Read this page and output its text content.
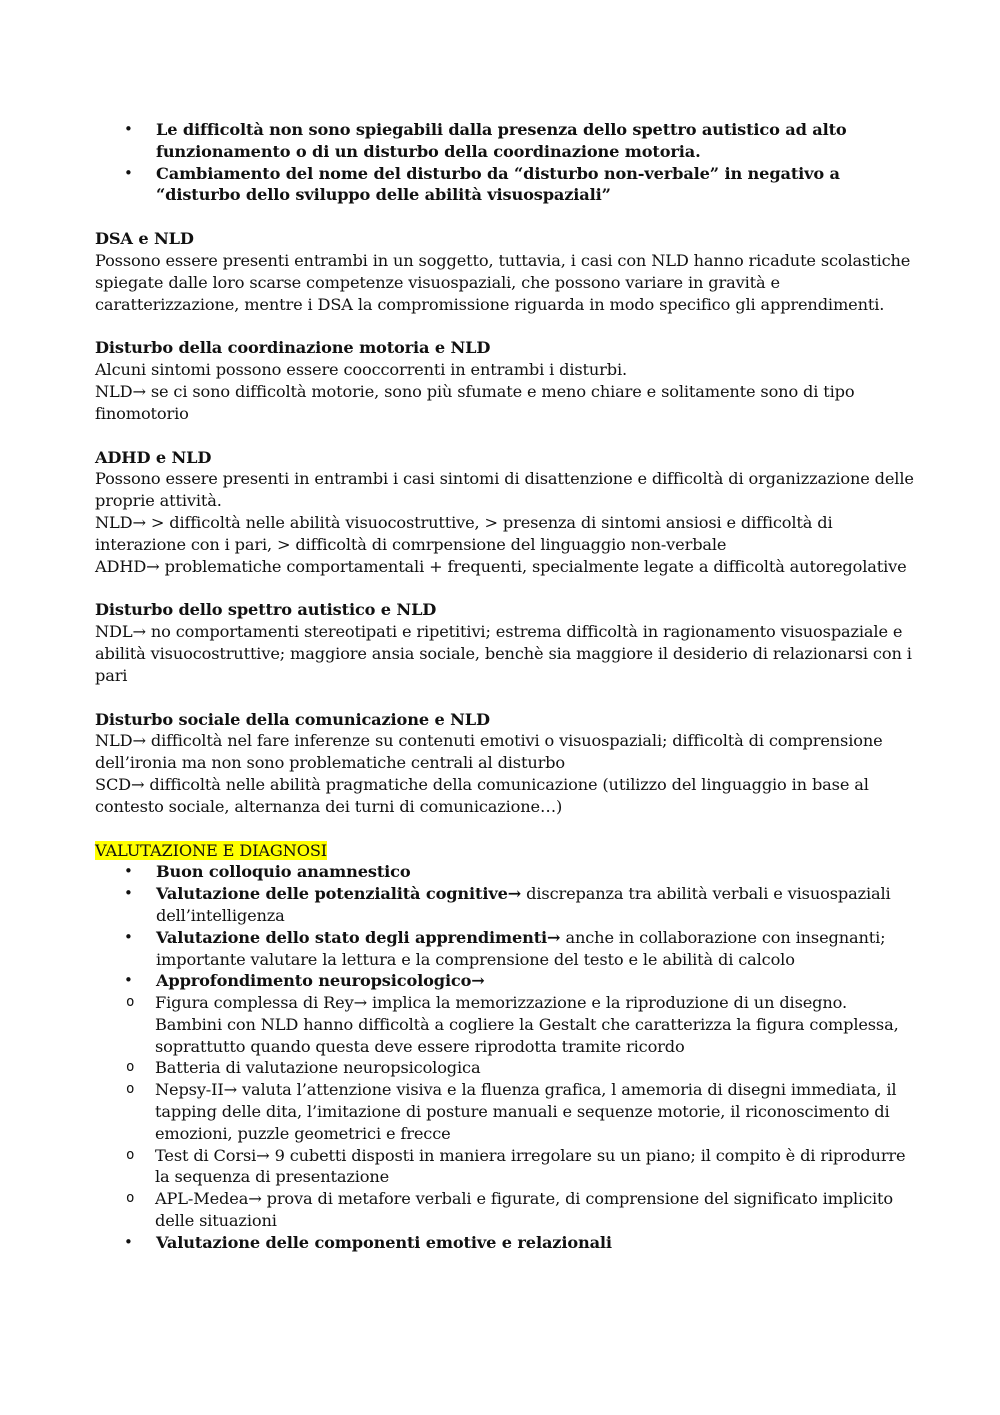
• Le difficoltà non sono spiegabili dalla presenza dello spettro autistico ad alto funzionamento o di un disturbo della coordinazione motoria.
• Cambiamento del nome del disturbo da “disturbo non-verbale” in negativo a “disturbo dello sviluppo delle abilità visuospaziali”

DSA e NLD

Possono essere presenti entrambi in un soggetto, tuttavia, i casi con NLD hanno ricadute scolastiche spiegate dalle loro scarse competenze visuospaziali, che possono variare in gravità e caratterizzazione, mentre i DSA la compromissione riguarda in modo specifico gli apprendimenti.

Disturbo della coordinazione motoria e NLD

Alcuni sintomi possono essere cooccorrenti in entrambi i disturbi.

NLD→ se ci sono difficoltà motorie, sono più sfumate e meno chiare e solitamente sono di tipo finomotorio

ADHD e NLD

Possono essere presenti in entrambi i casi sintomi di disattenzione e difficoltà di organizzazione delle proprie attività.

NLD→ > difficoltà nelle abilità visuocostruttive, > presenza di sintomi ansiosi e difficoltà di interazione con i pari, > difficoltà di comrpensione del linguaggio non-verbale

ADHD→ problematiche comportamentali + frequenti, specialmente legate a difficoltà autoregolative

Disturbo dello spettro autistico e NLD

NDL→ no comportamenti stereotipati e ripetitivi; estrema difficoltà in ragionamento visuospaziale e abilità visuocostruttive; maggiore ansia sociale, benchè sia maggiore il desiderio di relazionarsi con i pari

Disturbo sociale della comunicazione e NLD

NLD→ difficoltà nel fare inferenze su contenuti emotivi o visuospaziali; difficoltà di comprensione dell’ironia ma non sono problematiche centrali al disturbo

SCD→ difficoltà nelle abilità pragmatiche della comunicazione (utilizzo del linguaggio in base al contesto sociale, alternanza dei turni di comunicazione…)

VALUTAZIONE E DIAGNOSI

• Buon colloquio anamnestico
• Valutazione delle potenzialità cognitive→ discrepanza tra abilità verbali e visuospaziali dell’intelligenza
• Valutazione dello stato degli apprendimenti→ anche in collaborazione con insegnanti; importante valutare la lettura e la comprensione del testo e le abilità di calcolo
• Approfondimento neuropsicologico→
o Figura complessa di Rey→ implica la memorizzazione e la riproduzione di un disegno. Bambini con NLD hanno difficoltà a cogliere la Gestalt che caratterizza la figura complessa, soprattutto quando questa deve essere riprodotta tramite ricordo
o Batteria di valutazione neuropsicologica
o Nepsy-II→ valuta l’attenzione visiva e la fluenza grafica, l amemoria di disegni immediata, il tapping delle dita, l’imitazione di posture manuali e sequenze motorie, il riconoscimento di emozioni, puzzle geometrici e frecce
o Test di Corsi→ 9 cubetti disposti in maniera irregolare su un piano; il compito è di riprodurre la sequenza di presentazione
o APL-Medea→ prova di metafore verbali e figurate, di comprensione del significato implicito delle situazioni
• Valutazione delle componenti emotive e relazionali
